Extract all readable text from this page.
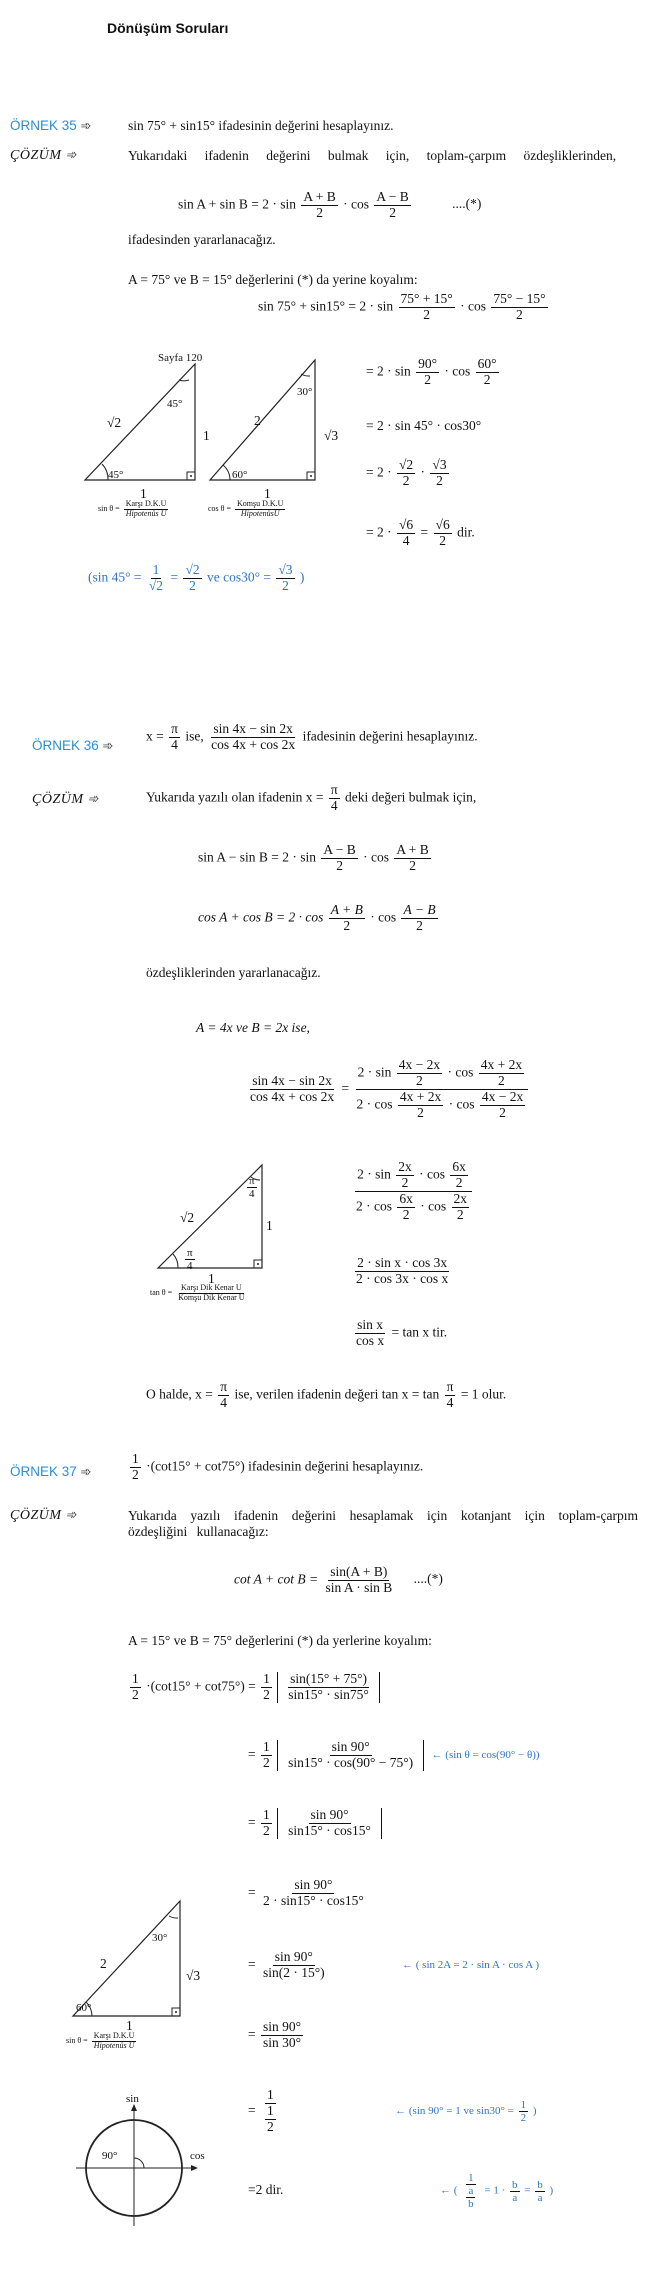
Dönüşüm Soruları
ÖRNEK 35 ➾	sin 75° + sin15° ifadesinin değerini hesaplayınız.
ÇÖZÜM ➾	Yukarıdaki ifadenin değerini bulmak için, toplam-çarpım özdeşliklerinden,
$\sin A + \sin B = 2 \cdot \sin \frac{A + B}{2} \cdot \cos \frac{A - B}{2}$	....(*)
ifadesinden yararlanacağız.
A = 75° ve B = 15° değerlerini (*) da yerine koyalım:
$\sin 75^\circ + \sin 15^\circ = 2 \cdot \sin \frac{75^\circ + 15^\circ}{2} \cdot \cos \frac{75^\circ - 15^\circ}{2}$
= $2 \cdot \sin \frac{90^\circ}{2} \cdot \cos \frac{60^\circ}{2}$
= 2 · sin 45° · cos30°
= $2 \cdot \frac{√2}{2} \cdot \frac{√3}{2}$
= $2 \cdot \frac{√6}{4} = \frac{√6}{2}$ dir.
Sayfa 120
45°
√2
1
45°
1
sin θ =
Karşı D.K.U
Hipotenüs U
30°
2
√3
60°
1
cos θ =
Komşu D.K.U
HipotenüsU
(sin $45^\circ = \frac{1}{√2} = \frac{√2}{2}$ ve $\cos 30^\circ = \frac{√3}{2}$ )
ÖRNEK 36 ➾
$x = \frac{\pi}{4}$ ise, $\frac{\sin 4x - \sin 2x}{\cos 4x + \cos 2x}$ ifadesinin değerini hesaplayınız.
ÇÖZÜM ➾	Yukarıda yazılı olan ifadenin $x = \frac{\pi}{4}$ deki değeri bulmak için,
$\sin A - \sin B = 2 \cdot \sin \frac{A - B}{2} \cdot \cos \frac{A + B}{2}$
$\cos A + \cos B = 2 \cdot \cos \frac{A + B}{2} \cdot \cos \frac{A - B}{2}$
özdeşliklerinden yararlanacağız.
A = 4x ve B = 2x ise,
$\frac{\sin 4x - \sin 2x}{\cos 4x + \cos 2x} = \frac{2 \cdot \sin \frac{4x - 2x}{2} \cdot \cos \frac{4x + 2x}{2}}{2 \cdot \cos \frac{4x + 2x}{2} \cdot \cos \frac{4x - 2x}{2}}$
$\frac{2 \cdot \sin \frac{2x}{2} \cdot \cos \frac{6x}{2}}{2 \cdot \cos \frac{6x}{2} \cdot \cos \frac{2x}{2}}$
$\frac{\text{2 · sin x · cos 3x}}{\text{2 · cos 3x · cos x}}$
$\frac{\text{sin x}}{\text{cos x}} = \tan x$ tir.
$\frac{\pi}{4}$
√2
1
$\frac{\pi}{4}$
1
tan θ =
Karşı Dik Kenar U
Komşu Dik Kenar U
O halde, $x = \frac{\pi}{4}$ ise, verilen ifadenin değeri $\tan x = \tan \frac{\pi}{4} = 1$ olur.
ÖRNEK 37 ➾	$\frac{1}{2} \cdot(\cot 15^\circ + \cot 75^\circ)$ ifadesinin değerini hesaplayınız.
ÇÖZÜM ➾	Yukarıda yazılı ifadenin değerini hesaplamak için kotanjant için toplam-çarpım özdeşliğini kullanacağız:
$\cot A + \cot B = \frac{\sin(A + B)}{\text{sin A · sin B}}$ ....(*)
A = 15° ve B = 75° değerlerini (*) da yerlerine koyalım:
$\frac{1}{2} \cdot(\cot 15^\circ + \cot 75^\circ) = \frac{1}{2}$
$\frac{\sin(15^\circ + 75^\circ)}{\sin 15^\circ \cdot \sin 75^\circ}$
= $\frac{1}{2}$
$\frac{\sin 90^\circ}{\sin 15^\circ \cdot \cos(90^\circ - 75^\circ)}$ ← (sin θ = cos(90° − θ))
= $\frac{1}{2}$
$\frac{\sin 90^\circ}{\sin 15^\circ \cdot \cos 15^\circ}$
= $\frac{\sin 90^\circ}{2 \cdot \sin 15^\circ \cdot \cos 15^\circ}$
= $\frac{\sin 90^\circ}{\sin(2 \cdot 15^\circ)}$	← ( sin 2A = 2 · sin A · cos A )
= $\frac{\sin 90^\circ}{\sin 30^\circ}$
= 1
1
2	← (sin 90° = 1 ve $\sin 30^\circ = \frac{1}{2}$ )
=2 dir.	← ( 1
a
$b = 1 \cdot \frac{b}{a} = \frac{b}{a}$ )
30°
2
√3
60°
1
sin θ =
Karşı D.K.U
Hipotenüs U
sin
cos
90°
